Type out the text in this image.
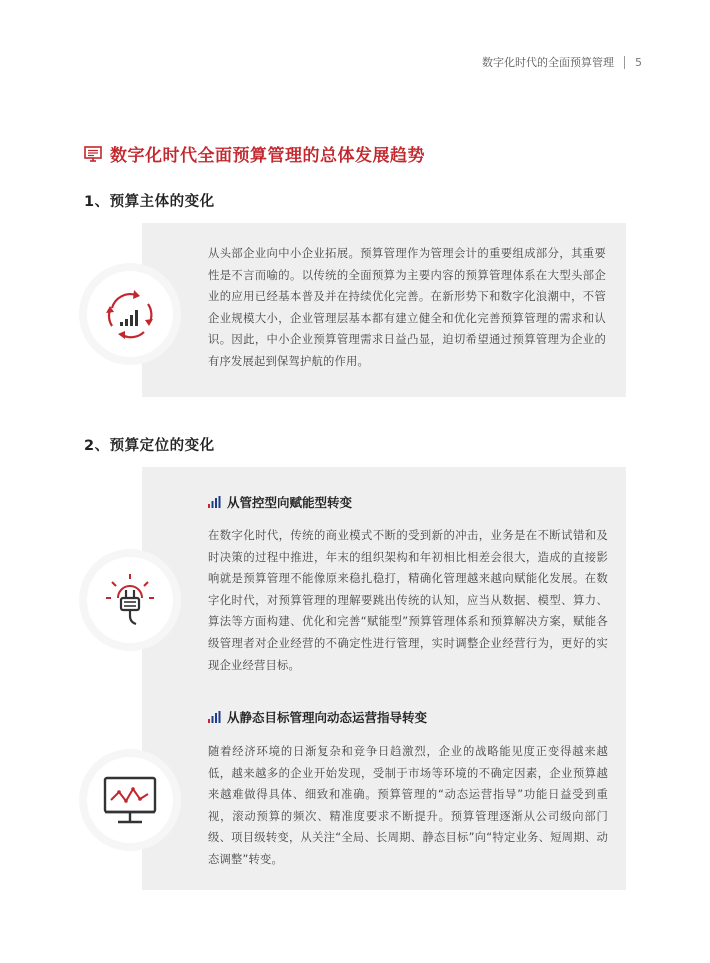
数字化时代的全面预算管理 5
数字化时代全面预算管理的总体发展趋势
1、预算主体的变化
从头部企业向中小企业拓展。预算管理作为管理会计的重要组成部分，其重要性是不言而喻的。以传统的全面预算为主要内容的预算管理体系在大型头部企业的应用已经基本普及并在持续优化完善。在新形势下和数字化浪潮中，不管企业规模大小，企业管理层基本都有建立健全和优化完善预算管理的需求和认识。因此，中小企业预算管理需求日益凸显，迫切希望通过预算管理为企业的有序发展起到保驾护航的作用。
2、预算定位的变化
从管控型向赋能型转变
在数字化时代，传统的商业模式不断的受到新的冲击，业务是在不断试错和及时决策的过程中推进，年末的组织架构和年初相比相差会很大，造成的直接影响就是预算管理不能像原来稳扎稳打，精确化管理越来越向赋能化发展。在数字化时代，对预算管理的理解要跳出传统的认知，应当从数据、模型、算力、算法等方面构建、优化和完善“赋能型”预算管理体系和预算解决方案，赋能各级管理者对企业经营的不确定性进行管理，实时调整企业经营行为，更好的实现企业经营目标。
从静态目标管理向动态运营指导转变
随着经济环境的日渐复杂和竞争日趋激烈，企业的战略能见度正变得越来越低，越来越多的企业开始发现，受制于市场等环境的不确定因素，企业预算越来越难做得具体、细致和准确。预算管理的“动态运营指导”功能日益受到重视，滚动预算的频次、精准度要求不断提升。预算管理逐渐从公司级向部门级、项目级转变，从关注“全局、长周期、静态目标”向“特定业务、短周期、动态调整”转变。
